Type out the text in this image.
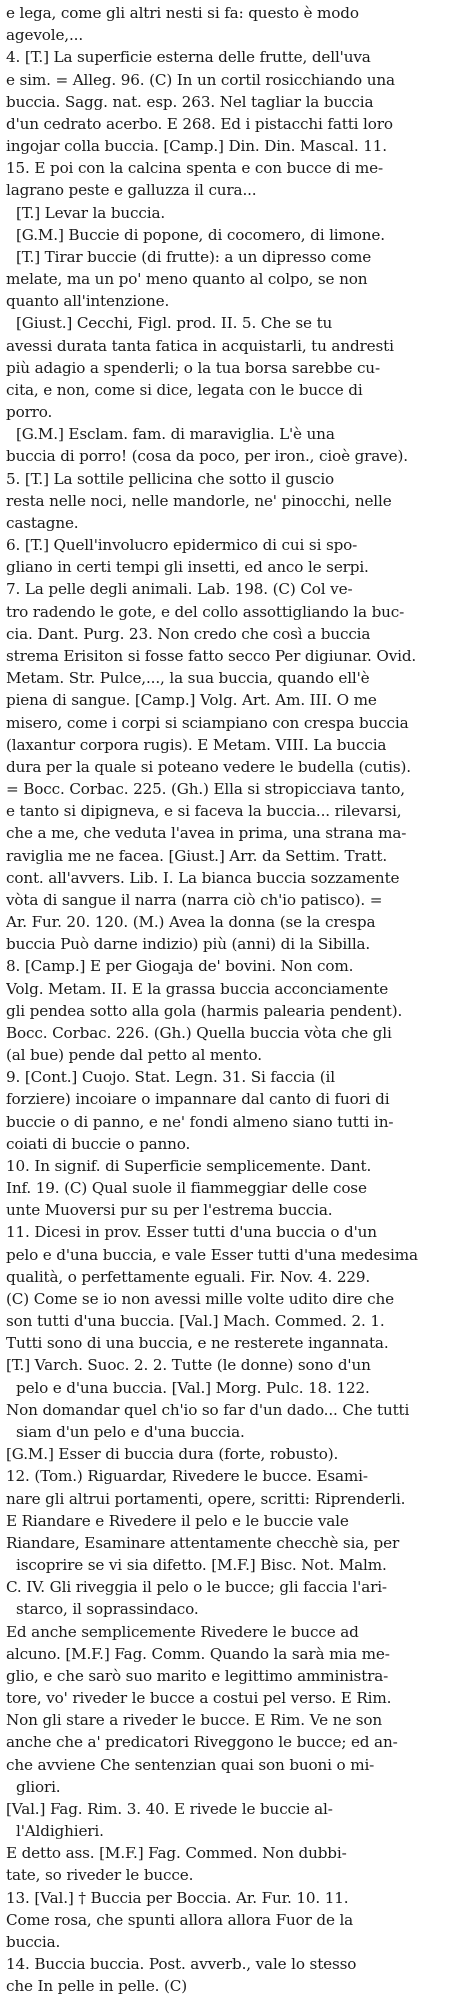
e lega, come gli altri nesti si fa: questo è modo
agevole,...
4. [T.] La superficie esterna delle frutte, dell'uva
e sim. = Alleg. 96. (C) In un cortil rosicchiando una
buccia. Sagg. nat. esp. 263. Nel tagliar la buccia
d'un cedrato acerbo. E 268. Ed i pistacchi fatti loro
ingojar colla buccia. [Camp.] Din. Din. Mascal. 11.
15. E poi con la calcina spenta e con bucce di me-
lagrano peste e galluzza il cura...
[T.] Levar la buccia.
[G.M.] Buccie di popone, di cocomero, di limone.
[T.] Tirar buccie (di frutte): a un dipresso come
melate, ma un po' meno quanto al colpo, se non
quanto all'intenzione.
[Giust.] Cecchi, Figl. prod. II. 5. Che se tu
avessi durata tanta fatica in acquistarli, tu andresti
più adagio a spenderli; o la tua borsa sarebbe cu-
cita, e non, come si dice, legata con le bucce di
porro.
[G.M.] Esclam. fam. di maraviglia. L'è una
buccia di porro! (cosa da poco, per iron., cioè grave).
5. [T.] La sottile pellicina che sotto il guscio
resta nelle noci, nelle mandorle, ne' pinocchi, nelle
castagne.
6. [T.] Quell'involucro epidermico di cui si spo-
gliano in certi tempi gli insetti, ed anco le serpi.
7. La pelle degli animali. Lab. 198. (C) Col ve-
tro radendo le gote, e del collo assottigliando la buc-
cia. Dant. Purg. 23. Non credo che così a buccia
strema Erisiton si fosse fatto secco Per digiunar. Ovid.
Metam. Str. Pulce,..., la sua buccia, quando ell'è
piena di sangue. [Camp.] Volg. Art. Am. III. O me
misero, come i corpi si sciampiano con crespa buccia
(laxantur corpora rugis). E Metam. VIII. La buccia
dura per la quale si poteano vedere le budella (cutis).
= Bocc. Corbac. 225. (Gh.) Ella si stropicciava tanto,
e tanto si dipigneva, e si faceva la buccia... rilevarsi,
che a me, che veduta l'avea in prima, una strana ma-
raviglia me ne facea. [Giust.] Arr. da Settim. Tratt.
cont. all'avvers. Lib. I. La bianca buccia sozzamente
vòta di sangue il narra (narra ciò ch'io patisco). =
Ar. Fur. 20. 120. (M.) Avea la donna (se la crespa
buccia Può darne indizio) più (anni) di la Sibilla.
8. [Camp.] E per Giogaja de' bovini. Non com.
Volg. Metam. II. E la grassa buccia acconciamente
gli pendea sotto alla gola (harmis palearia pendent).
Bocc. Corbac. 226. (Gh.) Quella buccia vòta che gli
(al bue) pende dal petto al mento.
9. [Cont.] Cuojo. Stat. Legn. 31. Si faccia (il
forziere) incoiare o impannare dal canto di fuori di
buccie o di panno, e ne' fondi almeno siano tutti in-
coiati di buccie o panno.
10. In signif. di Superficie semplicemente. Dant.
Inf. 19. (C) Qual suole il fiammeggiar delle cose
unte Muoversi pur su per l'estrema buccia.
11. Dicesi in prov. Esser tutti d'una buccia o d'un
pelo e d'una buccia, e vale Esser tutti d'una medesima
qualità, o perfettamente eguali. Fir. Nov. 4. 229.
(C) Come se io non avessi mille volte udito dire che
son tutti d'una buccia. [Val.] Mach. Commed. 2. 1.
Tutti sono di una buccia, e ne resterete ingannata.
[T.] Varch. Suoc. 2. 2. Tutte (le donne) sono d'un
pelo e d'una buccia. [Val.] Morg. Pulc. 18. 122.
Non domandar quel ch'io so far d'un dado... Che tutti
siam d'un pelo e d'una buccia.
[G.M.] Esser di buccia dura (forte, robusto).
12. (Tom.) Riguardar, Rivedere le bucce. Esami-
nare gli altrui portamenti, opere, scritti: Riprenderli.
E Riandare e Rivedere il pelo e le buccie vale
Riandare, Esaminare attentamente checchè sia, per
iscoprire se vi sia difetto. [M.F.] Bisc. Not. Malm.
C. IV. Gli riveggia il pelo o le bucce; gli faccia l'ari-
starco, il soprassindaco.
Ed anche semplicemente Rivedere le bucce ad
alcuno. [M.F.] Fag. Comm. Quando la sarà mia me-
glio, e che sarò suo marito e legittimo amministra-
tore, vo' riveder le bucce a costui pel verso. E Rim.
Non gli stare a riveder le bucce. E Rim. Ve ne son
anche che a' predicatori Riveggono le bucce; ed an-
che avviene Che sentenzian quai son buoni o mi-
gliori.
[Val.] Fag. Rim. 3. 40. E rivede le buccie al-
l'Aldighieri.
E detto ass. [M.F.] Fag. Commed. Non dubbi-
tate, so riveder le bucce.
13. [Val.] † Buccia per Boccia. Ar. Fur. 10. 11.
Come rosa, che spunti allora allora Fuor de la
buccia.
14. Buccia buccia. Post. avverb., vale lo stesso
che In pelle in pelle. (C)
